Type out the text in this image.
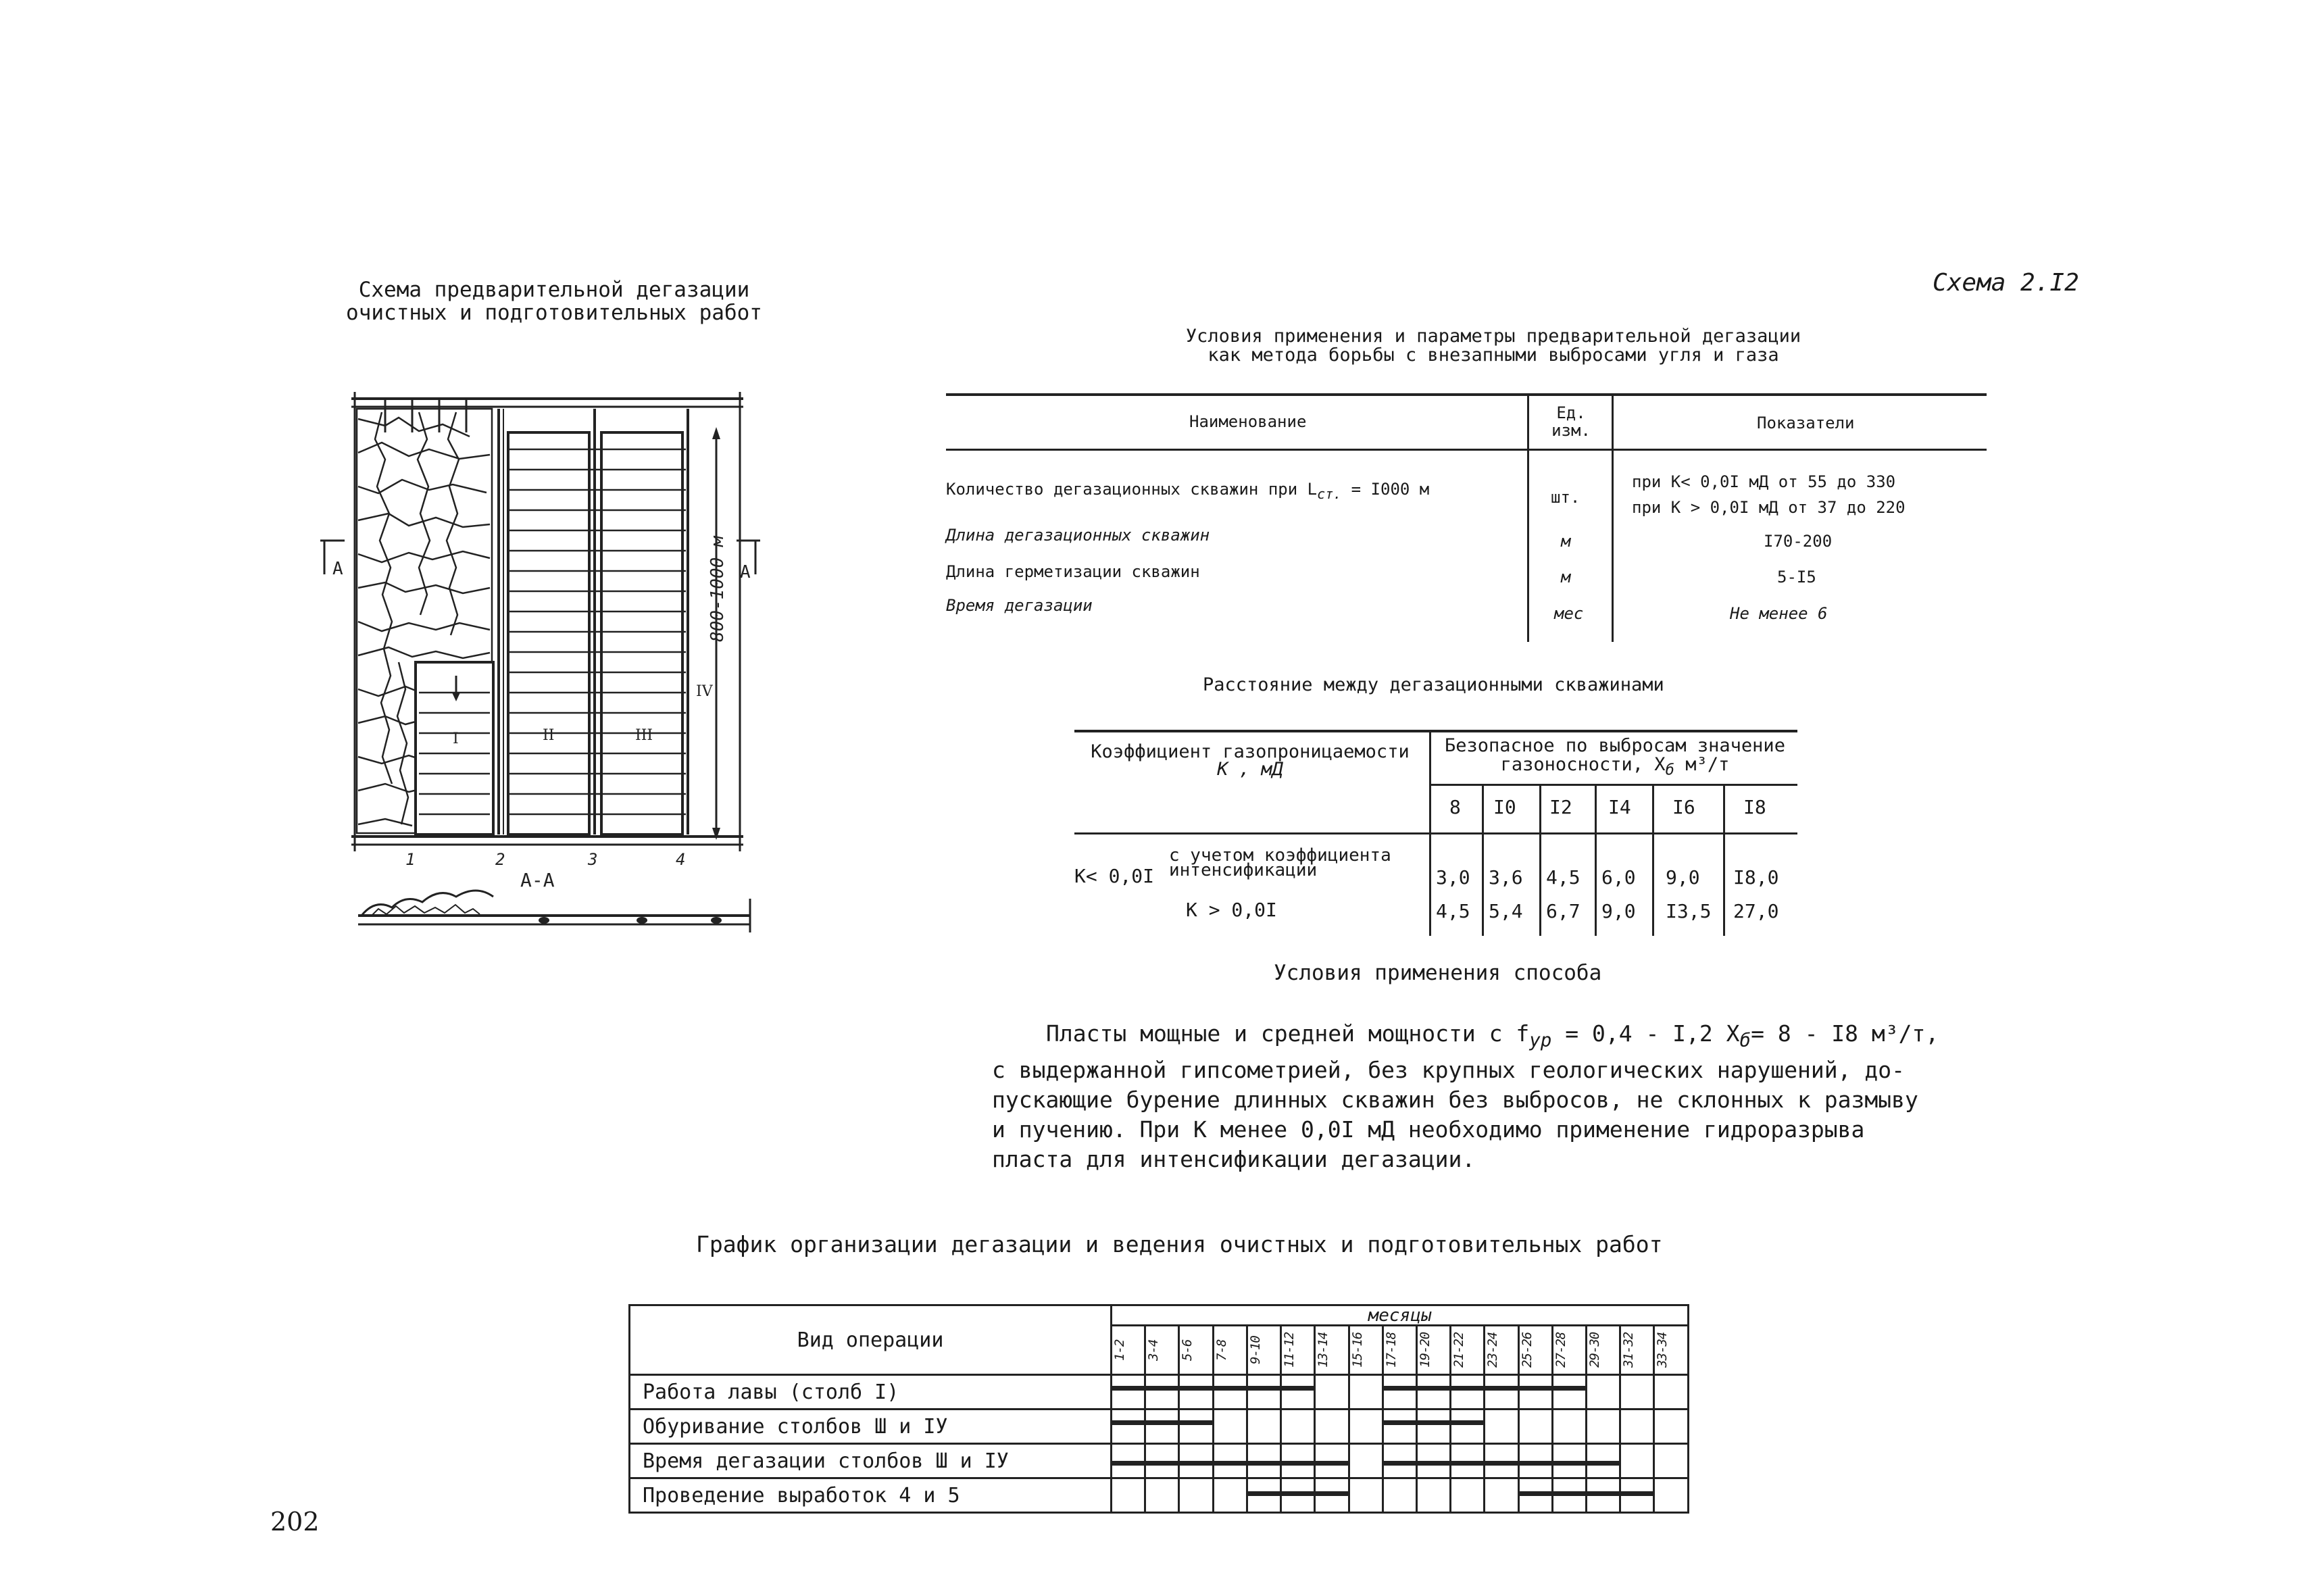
Схема 2.I2
Схема предварительной дегазации
очистных и подготовительных работ
800-1000 м
A	A
I	II	III
IV
1	2	3	4
А-А
Условия применения и параметры предварительной дегазации
как метода борьбы с внезапными выбросами угля и газа
Наименование	Ед. изм.	Показатели
Количество дегазационных скважин при $L_{ст.} = I000$ м	шт.
при К< 0,0I мД от 55 до 330
при К > 0,0I мД от 37 до 220
Длина дегазационных скважин	м	I70-200
Длина герметизации скважин	м	5-I5
Время дегазации	мес	Не менее 6
Расстояние между дегазационными скважинами
Коэффициент газопроницаемости
К , мД
Безопасное по выбросам значение
газоносности, $Х_б$ м³/т
8 I0 I2 I4 I6	I8
К< 0,0I
с учетом коэффициента
интенсификации	3,0 3,6 4,5 6,0 9,0 I8,0
К > 0,0I	4,5 5,4 6,7 9,0 I3,5 27,0
Условия применения способа
Пласты мощные и средней мощности с $f_{ур} = 0,4 - I,2$ $Х_б= 8 - I8$ м³/т,
с выдержанной гипсометрией, без крупных геологических нарушений, до-
пускающие бурение длинных скважин без выбросов, не склонных к размыву
и пучению. При К менее 0,0I мД необходимо применение гидроразрыва
пласта для интенсификации дегазации.
График организации дегазации и ведения очистных и подготовительных работ
Вид операции	месяцы																

	1-2	3-4	5-6	7-8	9-10	11-12	13-14	15-16	17-18	19-20	21-22	23-24	25-26	27-28	29-30	31-32	33-34

Работа лавы (столб I)	

Обуривание столбов Ш и IУ	

Время дегазации столбов Ш и IУ	

Проведение выработок 4 и 5					

202
